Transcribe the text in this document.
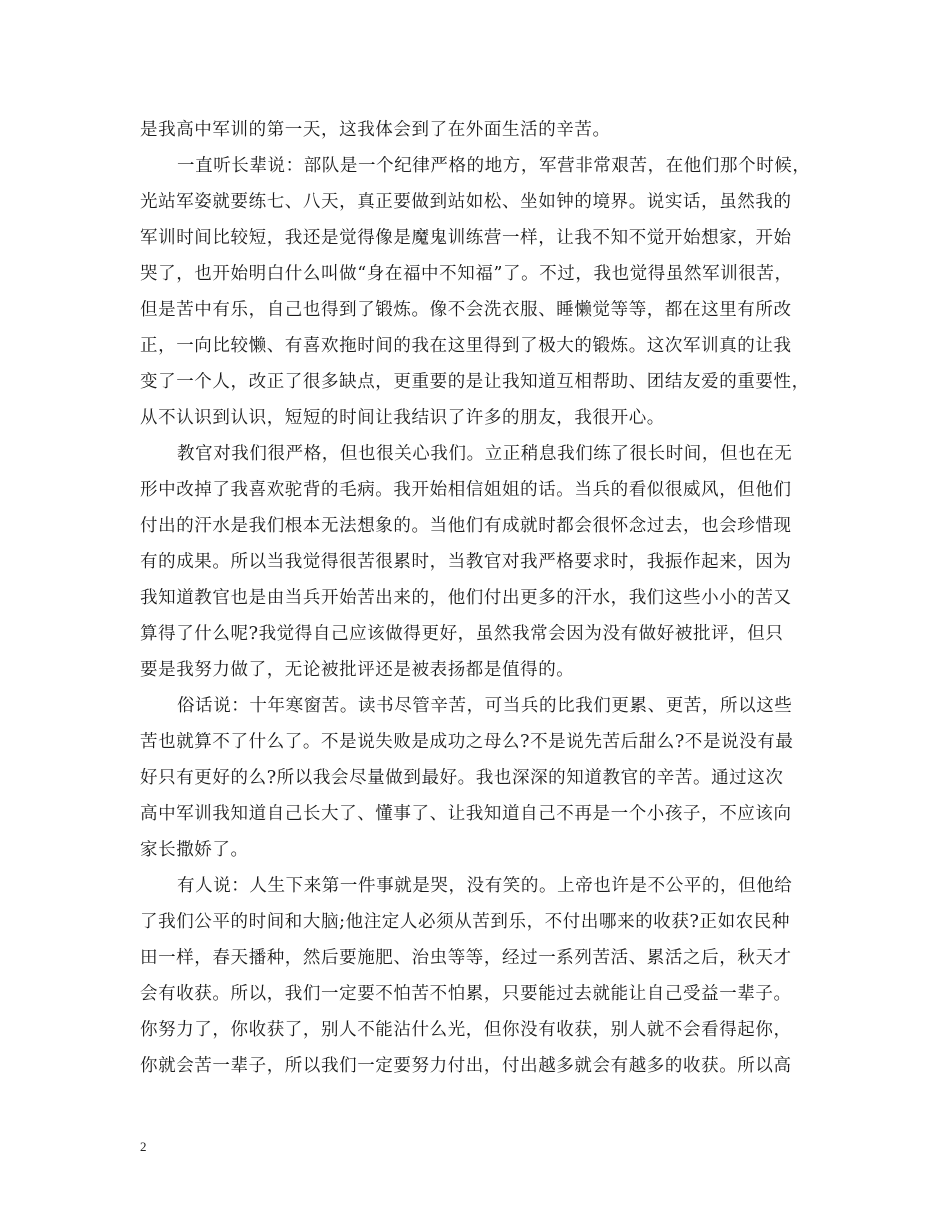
是我高中军训的第一天，这我体会到了在外面生活的辛苦。
一直听长辈说：部队是一个纪律严格的地方，军营非常艰苦，在他们那个时候，
光站军姿就要练七、八天，真正要做到站如松、坐如钟的境界。说实话，虽然我的
军训时间比较短，我还是觉得像是魔鬼训练营一样，让我不知不觉开始想家，开始
哭了，也开始明白什么叫做“身在福中不知福”了。不过，我也觉得虽然军训很苦，
但是苦中有乐，自己也得到了锻炼。像不会洗衣服、睡懒觉等等，都在这里有所改
正，一向比较懒、有喜欢拖时间的我在这里得到了极大的锻炼。这次军训真的让我
变了一个人，改正了很多缺点，更重要的是让我知道互相帮助、团结友爱的重要性，
从不认识到认识，短短的时间让我结识了许多的朋友，我很开心。
教官对我们很严格，但也很关心我们。立正稍息我们练了很长时间，但也在无
形中改掉了我喜欢驼背的毛病。我开始相信姐姐的话。当兵的看似很威风，但他们
付出的汗水是我们根本无法想象的。当他们有成就时都会很怀念过去，也会珍惜现
有的成果。所以当我觉得很苦很累时，当教官对我严格要求时，我振作起来，因为
我知道教官也是由当兵开始苦出来的，他们付出更多的汗水，我们这些小小的苦又
算得了什么呢?我觉得自己应该做得更好，虽然我常会因为没有做好被批评，但只
要是我努力做了，无论被批评还是被表扬都是值得的。
俗话说：十年寒窗苦。读书尽管辛苦，可当兵的比我们更累、更苦，所以这些
苦也就算不了什么了。不是说失败是成功之母么?不是说先苦后甜么?不是说没有最
好只有更好的么?所以我会尽量做到最好。我也深深的知道教官的辛苦。通过这次
高中军训我知道自己长大了、懂事了、让我知道自己不再是一个小孩子，不应该向
家长撒娇了。
有人说：人生下来第一件事就是哭，没有笑的。上帝也许是不公平的，但他给
了我们公平的时间和大脑;他注定人必须从苦到乐，不付出哪来的收获?正如农民种
田一样，春天播种，然后要施肥、治虫等等，经过一系列苦活、累活之后，秋天才
会有收获。所以，我们一定要不怕苦不怕累，只要能过去就能让自己受益一辈子。
你努力了，你收获了，别人不能沾什么光，但你没有收获，别人就不会看得起你，
你就会苦一辈子，所以我们一定要努力付出，付出越多就会有越多的收获。所以高
2
